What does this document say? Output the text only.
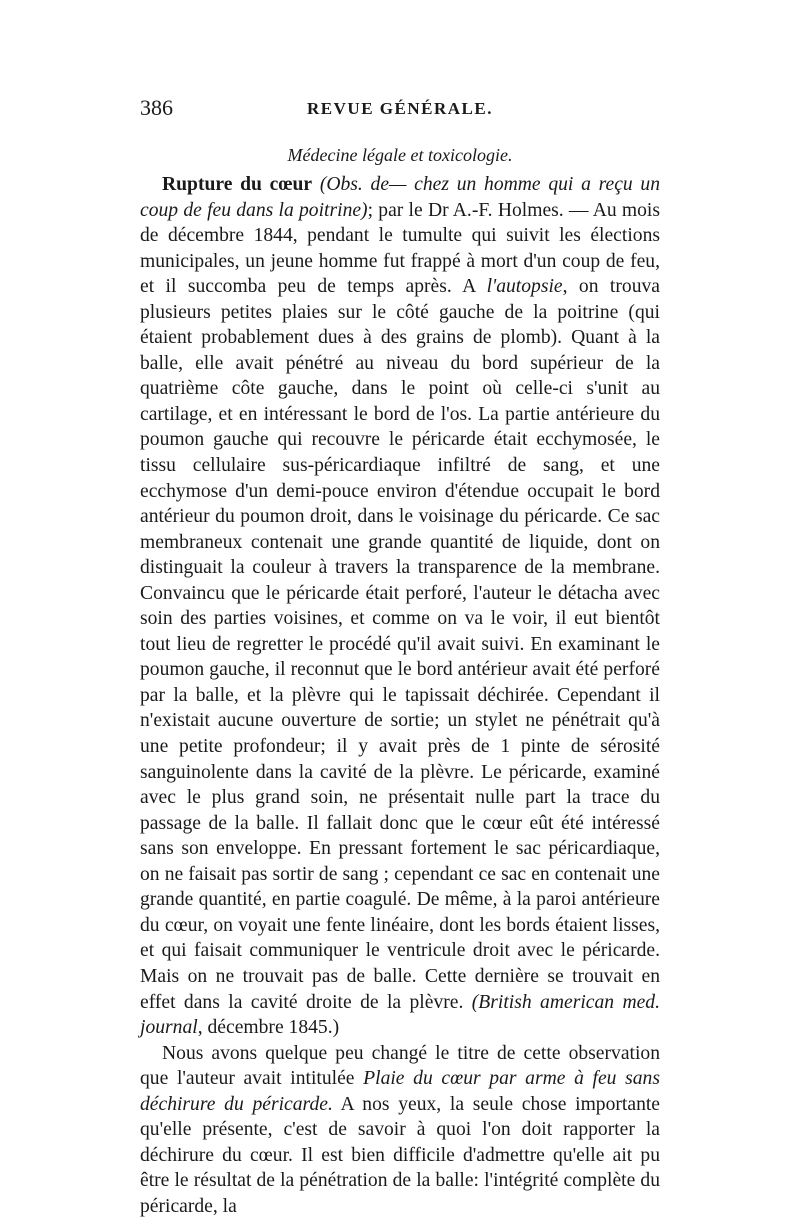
386	REVUE GÉNÉRALE.

Médecine légale et toxicologie.

Rupture du cœur (Obs. de— chez un homme qui a reçu un coup de feu dans la poitrine); par le Dr A.-F. Holmes. — Au mois de décembre 1844, pendant le tumulte qui suivit les élections municipales, un jeune homme fut frappé à mort d'un coup de feu, et il succomba peu de temps après. A l'autopsie, on trouva plusieurs petites plaies sur le côté gauche de la poitrine (qui étaient probablement dues à des grains de plomb). Quant à la balle, elle avait pénétré au niveau du bord supérieur de la quatrième côte gauche, dans le point où celle-ci s'unit au cartilage, et en intéressant le bord de l'os. La partie antérieure du poumon gauche qui recouvre le péricarde était ecchymosée, le tissu cellulaire sus-péricardiaque infiltré de sang, et une ecchymose d'un demi-pouce environ d'étendue occupait le bord antérieur du poumon droit, dans le voisinage du péricarde. Ce sac membraneux contenait une grande quantité de liquide, dont on distinguait la couleur à travers la transparence de la membrane. Convaincu que le péricarde était perforé, l'auteur le détacha avec soin des parties voisines, et comme on va le voir, il eut bientôt tout lieu de regretter le procédé qu'il avait suivi. En examinant le poumon gauche, il reconnut que le bord antérieur avait été perforé par la balle, et la plèvre qui le tapissait déchirée. Cependant il n'existait aucune ouverture de sortie; un stylet ne pénétrait qu'à une petite profondeur; il y avait près de 1 pinte de sérosité sanguinolente dans la cavité de la plèvre. Le péricarde, examiné avec le plus grand soin, ne présentait nulle part la trace du passage de la balle. Il fallait donc que le cœur eût été intéressé sans son enveloppe. En pressant fortement le sac péricardiaque, on ne faisait pas sortir de sang ; cependant ce sac en contenait une grande quantité, en partie coagulé. De même, à la paroi antérieure du cœur, on voyait une fente linéaire, dont les bords étaient lisses, et qui faisait communiquer le ventricule droit avec le péricarde. Mais on ne trouvait pas de balle. Cette dernière se trouvait en effet dans la cavité droite de la plèvre. (British american med. journal, décembre 1845.)

Nous avons quelque peu changé le titre de cette observation que l'auteur avait intitulée Plaie du cœur par arme à feu sans déchirure du péricarde. A nos yeux, la seule chose importante qu'elle présente, c'est de savoir à quoi l'on doit rapporter la déchirure du cœur. Il est bien difficile d'admettre qu'elle ait pu être le résultat de la pénétration de la balle: l'intégrité complète du péricarde, la
